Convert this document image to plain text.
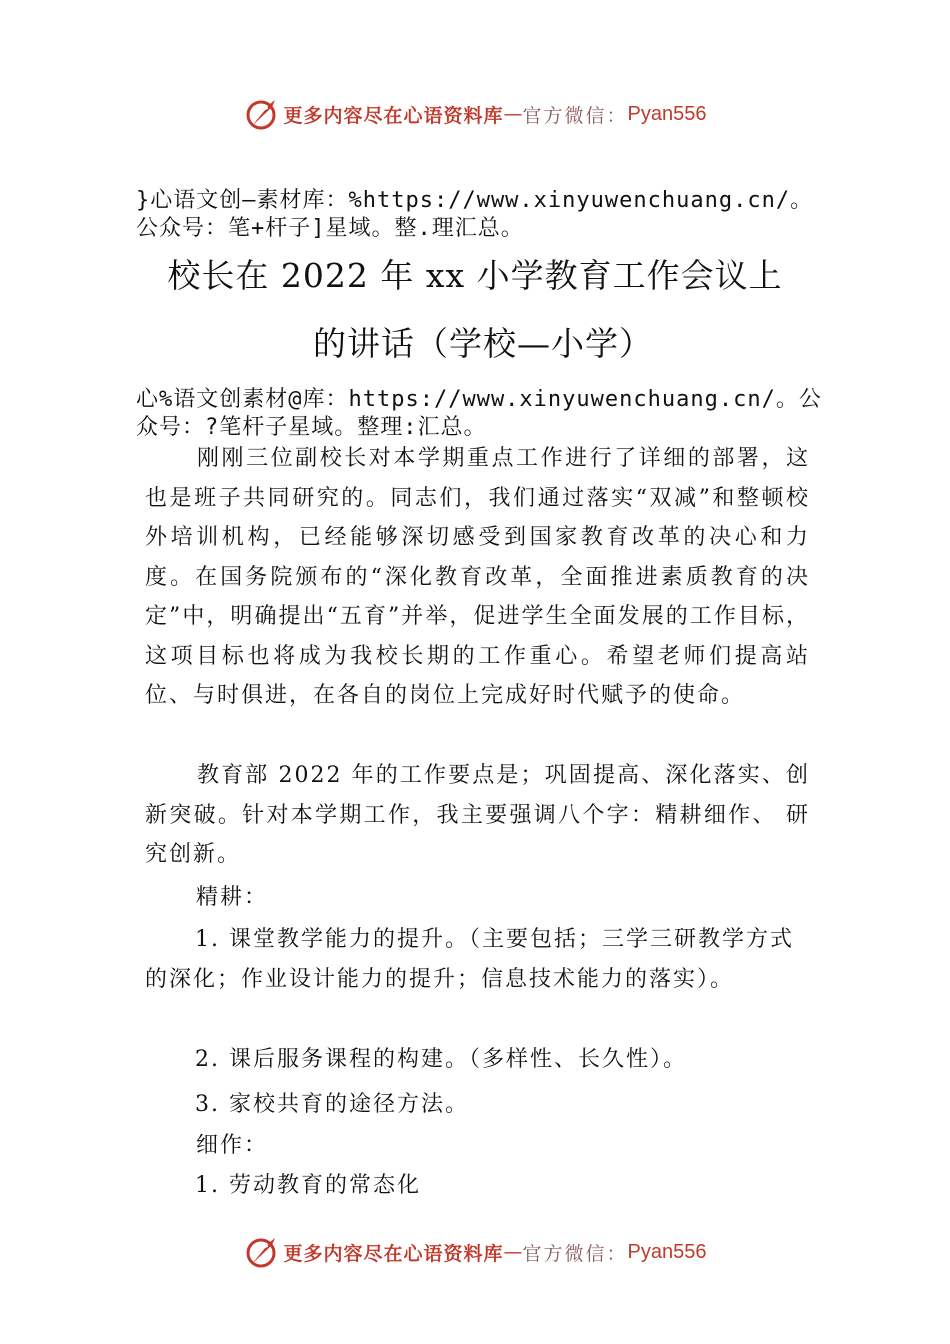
更多内容尽在心语资料库 — 官方微信： Pyan556
}心语文创—素材库：%https://www.xinyuwenchuang.cn/。公众号：笔+杆子]星域。整.理汇总。
校长在 2022 年 xx 小学教育工作会议上
的讲话（学校—小学）
心%语文创素材@库：https://www.xinyuwenchuang.cn/。公众号：?笔杆子星域。整理:汇总。
刚刚三位副校长对本学期重点工作进行了详细的部署，这也是班子共同研究的。同志们，我们通过落实“双减”和整顿校外培训机构，已经能够深切感受到国家教育改革的决心和力度。在国务院颁布的“深化教育改革，全面推进素质教育的决定”中，明确提出“五育”并举，促进学生全面发展的工作目标，这项目标也将成为我校长期的工作重心。希望老师们提高站位、与时俱进，在各自的岗位上完成好时代赋予的使命。
教育部 2022 年的工作要点是；巩固提高、深化落实、创新突破。针对本学期工作，我主要强调八个字：精耕细作、 研究创新。
精耕：
1. 课堂教学能力的提升。（主要包括；三学三研教学方式的深化；作业设计能力的提升；信息技术能力的落实）。
2. 课后服务课程的构建。（多样性、长久性）。
3. 家校共育的途径方法。
细作：
1. 劳动教育的常态化
更多内容尽在心语资料库 — 官方微信： Pyan556
